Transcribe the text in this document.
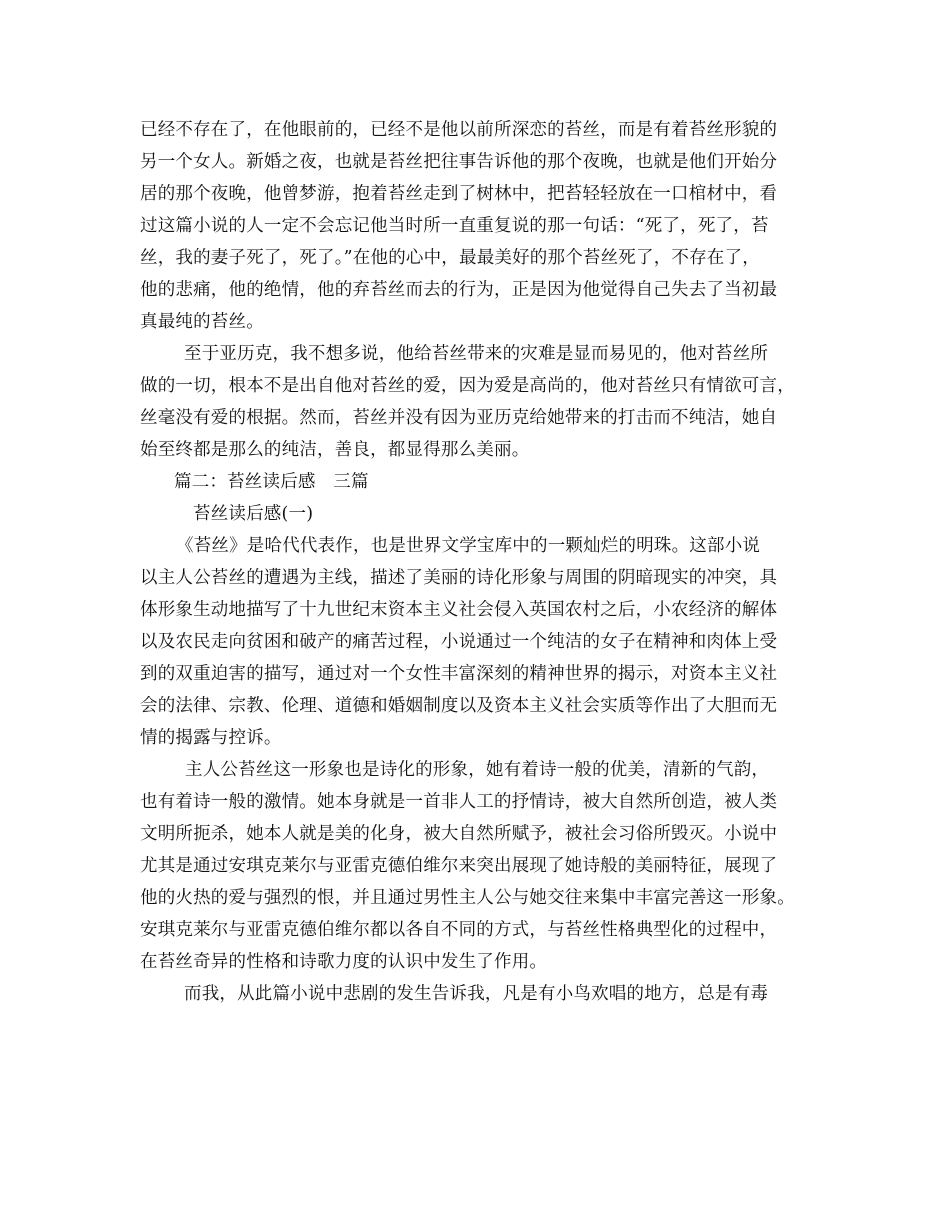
已经不存在了，在他眼前的，已经不是他以前所深恋的苔丝，而是有着苔丝形貌的
另一个女人。新婚之夜，也就是苔丝把往事告诉他的那个夜晚，也就是他们开始分
居的那个夜晚，他曾梦游，抱着苔丝走到了树林中，把苔轻轻放在一口棺材中，看
过这篇小说的人一定不会忘记他当时所一直重复说的那一句话：“死了，死了，苔
丝，我的妻子死了，死了。”在他的心中，最最美好的那个苔丝死了，不存在了，
他的悲痛，他的绝情，他的弃苔丝而去的行为，正是因为他觉得自己失去了当初最
真最纯的苔丝。
至于亚历克，我不想多说，他给苔丝带来的灾难是显而易见的，他对苔丝所
做的一切，根本不是出自他对苔丝的爱，因为爱是高尚的，他对苔丝只有情欲可言，
丝毫没有爱的根据。然而，苔丝并没有因为亚历克给她带来的打击而不纯洁，她自
始至终都是那么的纯洁，善良，都显得那么美丽。
篇二：苔丝读后感　三篇
苔丝读后感(一)
《苔丝》是哈代代表作，也是世界文学宝库中的一颗灿烂的明珠。这部小说
以主人公苔丝的遭遇为主线，描述了美丽的诗化形象与周围的阴暗现实的冲突，具
体形象生动地描写了十九世纪末资本主义社会侵入英国农村之后，小农经济的解体
以及农民走向贫困和破产的痛苦过程，小说通过一个纯洁的女子在精神和肉体上受
到的双重迫害的描写，通过对一个女性丰富深刻的精神世界的揭示，对资本主义社
会的法律、宗教、伦理、道德和婚姻制度以及资本主义社会实质等作出了大胆而无
情的揭露与控诉。
主人公苔丝这一形象也是诗化的形象，她有着诗一般的优美，清新的气韵，
也有着诗一般的激情。她本身就是一首非人工的抒情诗，被大自然所创造，被人类
文明所扼杀，她本人就是美的化身，被大自然所赋予，被社会习俗所毁灭。小说中
尤其是通过安琪克莱尔与亚雷克德伯维尔来突出展现了她诗般的美丽特征，展现了
他的火热的爱与强烈的恨，并且通过男性主人公与她交往来集中丰富完善这一形象。
安琪克莱尔与亚雷克德伯维尔都以各自不同的方式，与苔丝性格典型化的过程中，
在苔丝奇异的性格和诗歌力度的认识中发生了作用。
而我，从此篇小说中悲剧的发生告诉我，凡是有小鸟欢唱的地方，总是有毒
